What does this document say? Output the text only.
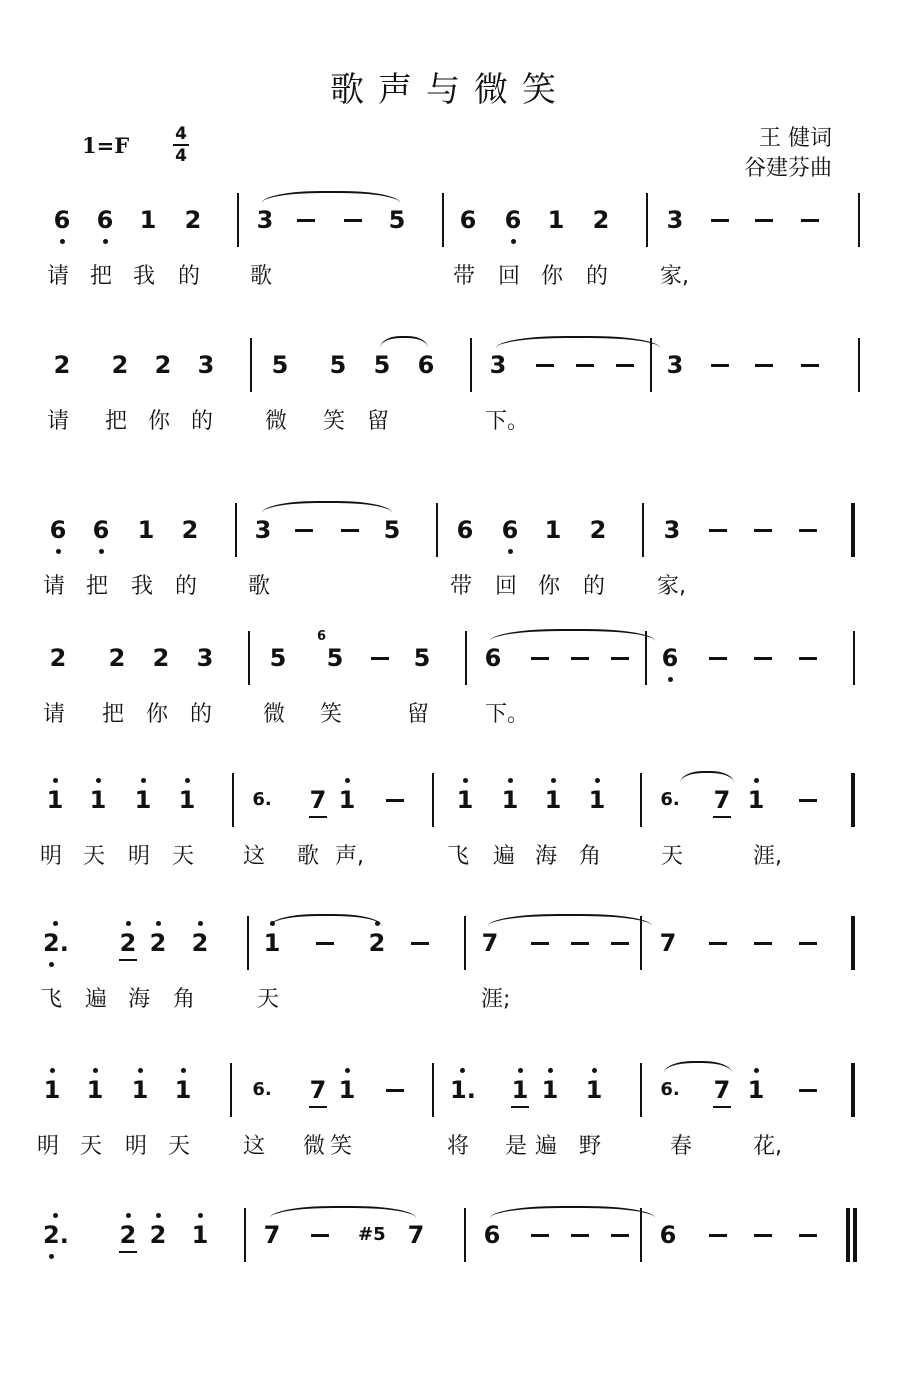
歌声与微笑
1=F	4
4
王 健词
谷建芬曲
6 6 1 2 3	5 6 6 1 2 3
请 把 我	的	歌	带	回 你	的	家,
2 2 2 3 5 5 5 6 3	3
请	把 你 的	微	笑 留	下。
6 6 1 2 3	5 6 6 1 2 3
请 把	我 的	歌	带	回 你	的	家,
2 2 2 3 5 5
6
5 6	6
请	把 你 的	微	笑	留	下。
1 1 1 1	6. 7 1	1 1 1 1	6. 7 1
明 天	明 天	这	歌 声,	飞	遍 海 角	天	涯,
2. 2 2 2 1	2	7	7
飞	遍 海	角	天	涯;
1 1 1 1	6. 7 1	1. 1 1 1	6. 7 1
明 天	明 天	这	微 笑	将	是 遍 野	春	花,
2. 2 2 1 7	#5 7 6	6
